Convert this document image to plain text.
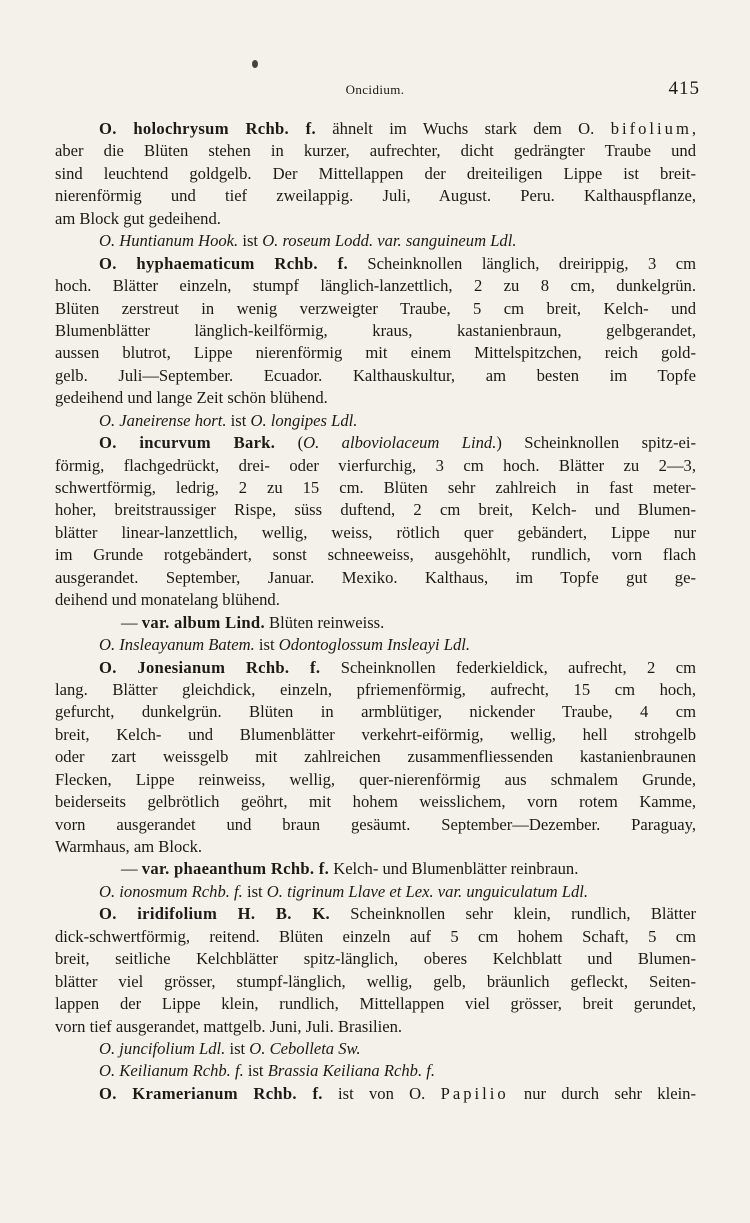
Oncidium.	415
O. holochrysum Rchb. f. ähnelt im Wuchs stark dem O. bifolium,
aber die Blüten stehen in kurzer, aufrechter, dicht gedrängter Traube und
sind leuchtend goldgelb. Der Mittellappen der dreiteiligen Lippe ist breit-
nierenförmig und tief zweilappig. Juli, August. Peru. Kalthauspflanze,
am Block gut gedeihend.
O. Huntianum Hook. ist O. roseum Lodd. var. sanguineum Ldl.
O. hyphaematicum Rchb. f. Scheinknollen länglich, dreirippig, 3 cm
hoch. Blätter einzeln, stumpf länglich-lanzettlich, 2 zu 8 cm, dunkelgrün.
Blüten zerstreut in wenig verzweigter Traube, 5 cm breit, Kelch- und
Blumenblätter länglich-keilförmig, kraus, kastanienbraun, gelbgerandet,
aussen blutrot, Lippe nierenförmig mit einem Mittelspitzchen, reich gold-
gelb. Juli—September. Ecuador. Kalthauskultur, am besten im Topfe
gedeihend und lange Zeit schön blühend.
O. Janeirense hort. ist O. longipes Ldl.
O. incurvum Bark. (O. alboviolaceum Lind.) Scheinknollen spitz-ei-
förmig, flachgedrückt, drei- oder vierfurchig, 3 cm hoch. Blätter zu 2—3,
schwertförmig, ledrig, 2 zu 15 cm. Blüten sehr zahlreich in fast meter-
hoher, breitstraussiger Rispe, süss duftend, 2 cm breit, Kelch- und Blumen-
blätter linear-lanzettlich, wellig, weiss, rötlich quer gebändert, Lippe nur
im Grunde rotgebändert, sonst schneeweiss, ausgehöhlt, rundlich, vorn flach
ausgerandet. September, Januar. Mexiko. Kalthaus, im Topfe gut ge-
deihend und monatelang blühend.
— var. album Lind. Blüten reinweiss.
O. Insleayanum Batem. ist Odontoglossum Insleayi Ldl.
O. Jonesianum Rchb. f. Scheinknollen federkieldick, aufrecht, 2 cm
lang. Blätter gleichdick, einzeln, pfriemenförmig, aufrecht, 15 cm hoch,
gefurcht, dunkelgrün. Blüten in armblütiger, nickender Traube, 4 cm
breit, Kelch- und Blumenblätter verkehrt-eiförmig, wellig, hell strohgelb
oder zart weissgelb mit zahlreichen zusammenfliessenden kastanienbraunen
Flecken, Lippe reinweiss, wellig, quer-nierenförmig aus schmalem Grunde,
beiderseits gelbrötlich geöhrt, mit hohem weisslichem, vorn rotem Kamme,
vorn ausgerandet und braun gesäumt. September—Dezember. Paraguay,
Warmhaus, am Block.
— var. phaeanthum Rchb. f. Kelch- und Blumenblätter reinbraun.
O. ionosmum Rchb. f. ist O. tigrinum Llave et Lex. var. unguiculatum Ldl.
O. iridifolium H. B. K. Scheinknollen sehr klein, rundlich, Blätter
dick-schwertförmig, reitend. Blüten einzeln auf 5 cm hohem Schaft, 5 cm
breit, seitliche Kelchblätter spitz-länglich, oberes Kelchblatt und Blumen-
blätter viel grösser, stumpf-länglich, wellig, gelb, bräunlich gefleckt, Seiten-
lappen der Lippe klein, rundlich, Mittellappen viel grösser, breit gerundet,
vorn tief ausgerandet, mattgelb. Juni, Juli. Brasilien.
O. juncifolium Ldl. ist O. Cebolleta Sw.
O. Keilianum Rchb. f. ist Brassia Keiliana Rchb. f.
O. Kramerianum Rchb. f. ist von O. Papilio nur durch sehr klein-
